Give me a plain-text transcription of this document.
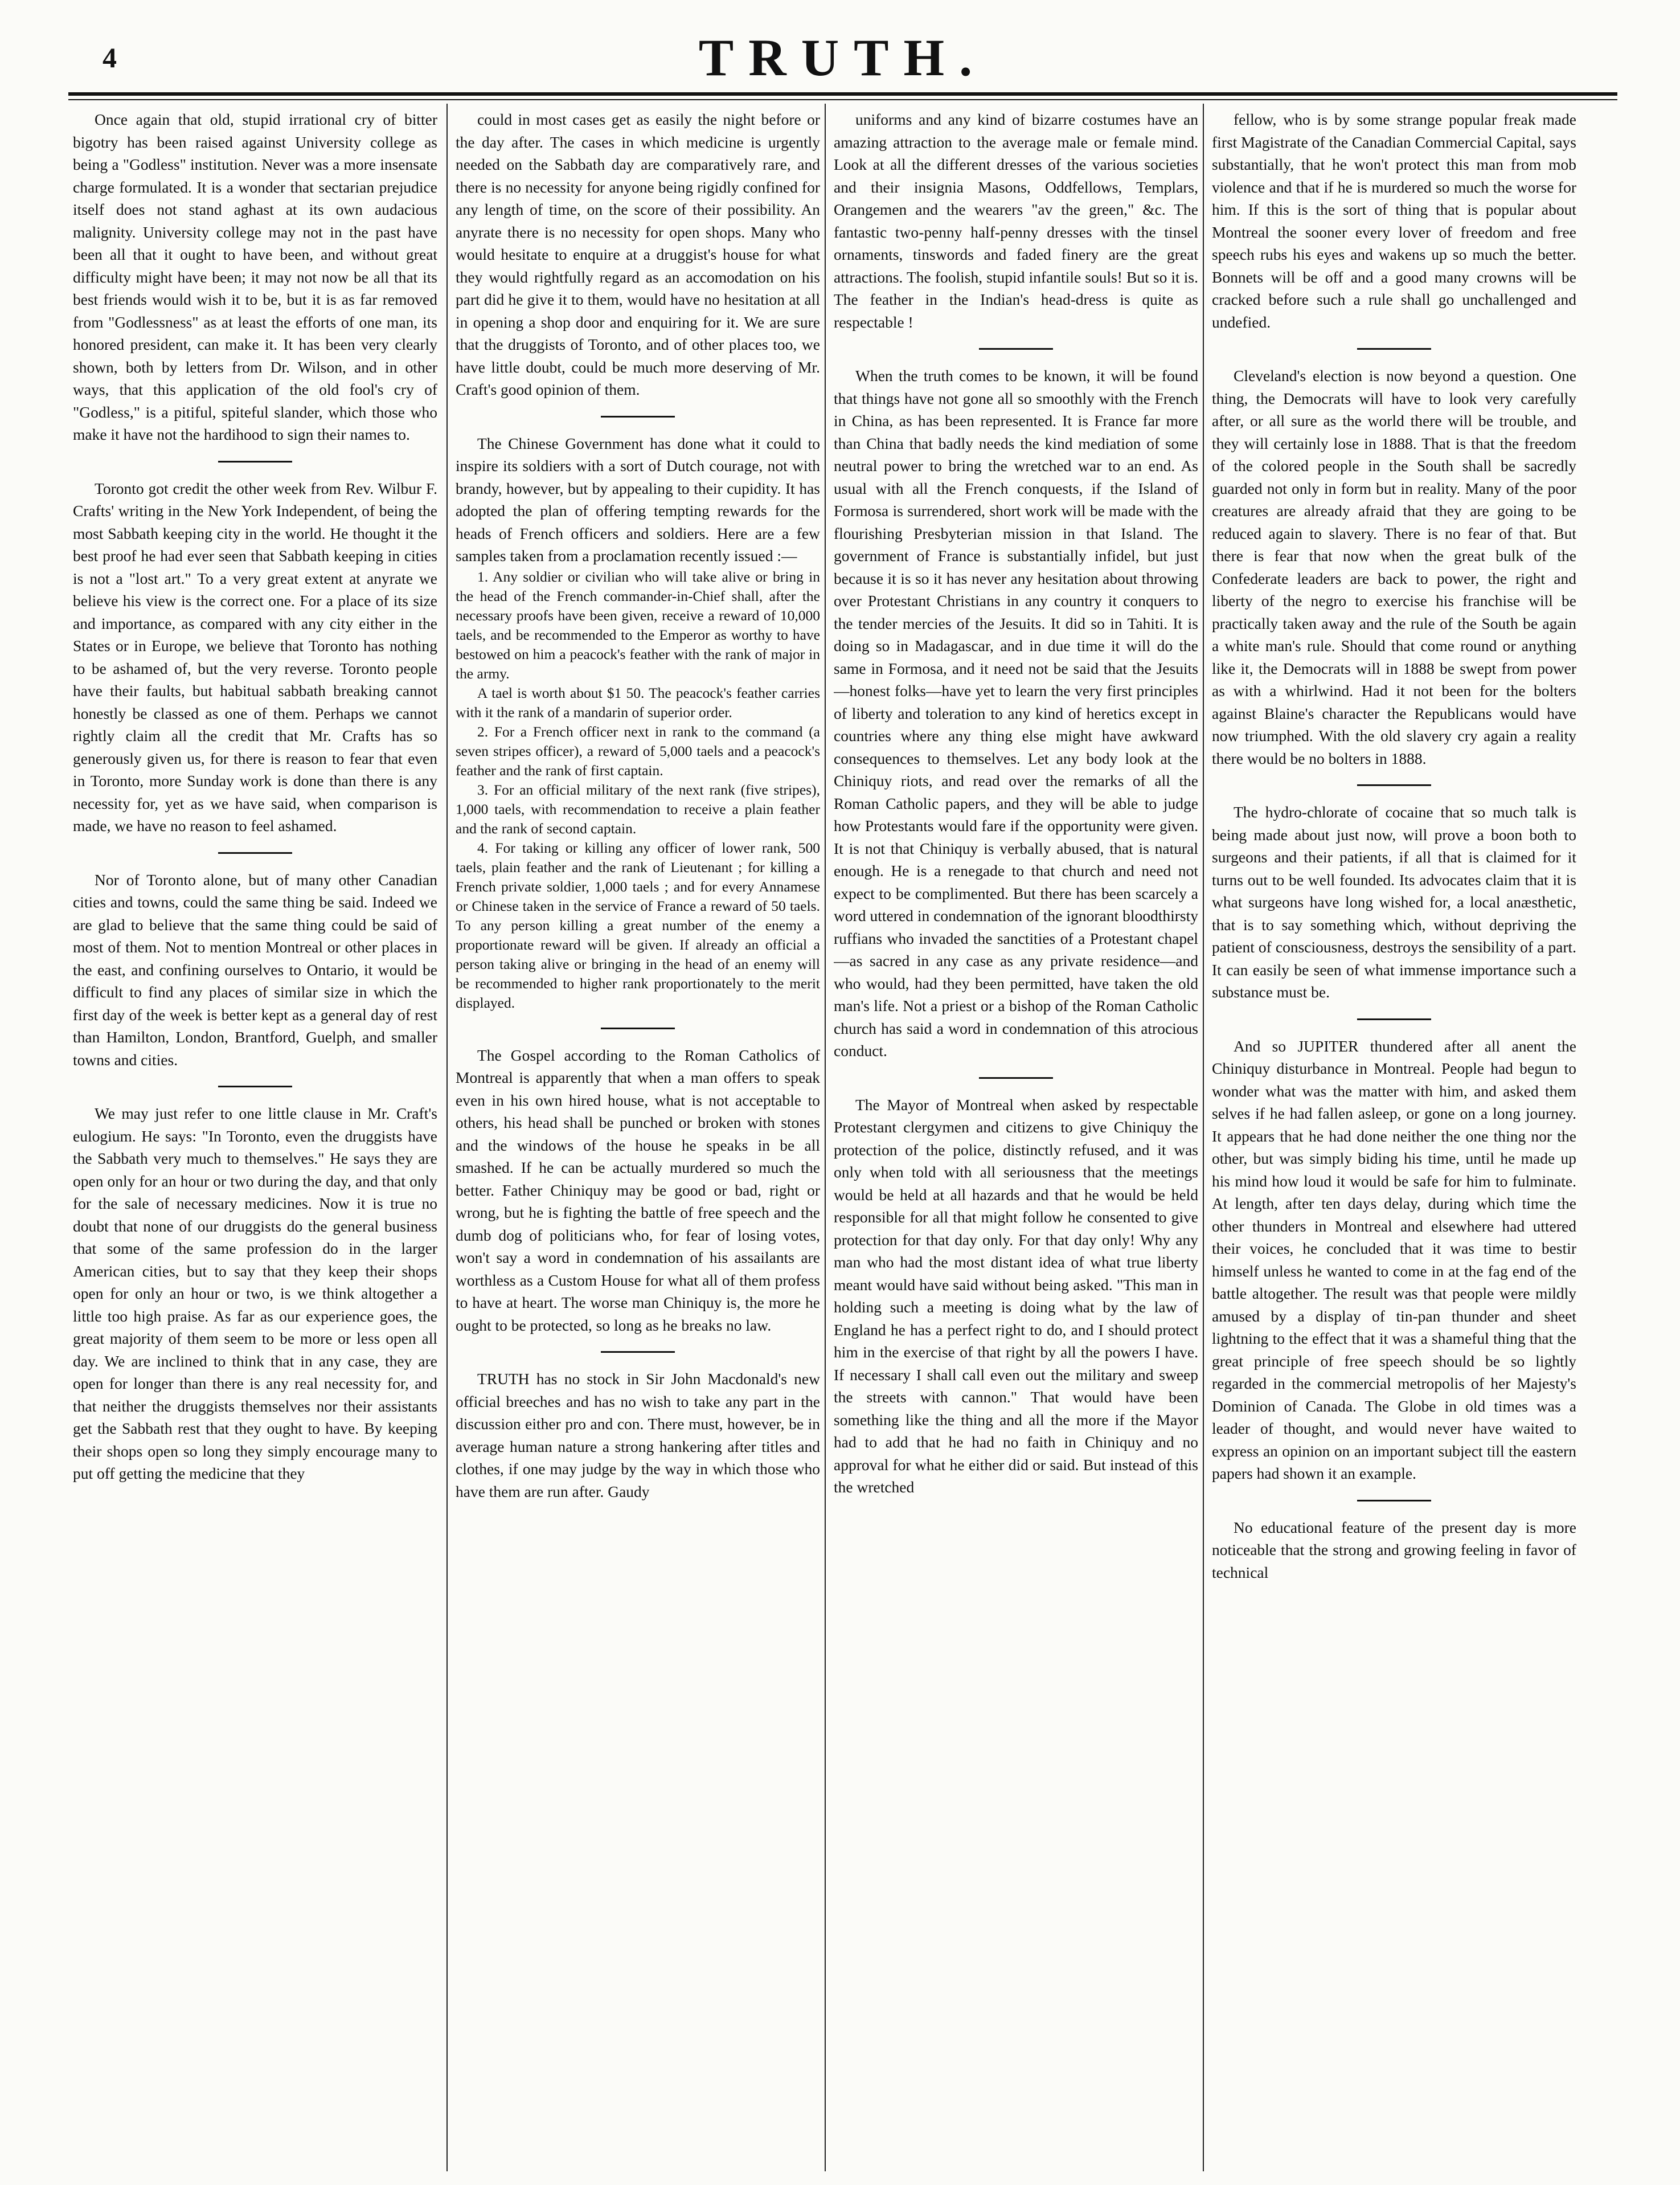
4	TRUTH.

Once again that old, stupid irrational cry of bitter bigotry has been raised against University college as being a "Godless" institution. Never was a more insensate charge formulated. It is a wonder that sectarian prejudice itself does not stand aghast at its own audacious malignity. University college may not in the past have been all that it ought to have been, and without great difficulty might have been; it may not now be all that its best friends would wish it to be, but it is as far removed from "Godlessness" as at least the efforts of one man, its honored president, can make it. It has been very clearly shown, both by letters from Dr. Wilson, and in other ways, that this application of the old fool's cry of "Godless," is a pitiful, spiteful slander, which those who make it have not the hardihood to sign their names to.

Toronto got credit the other week from Rev. Wilbur F. Crafts' writing in the New York Independent, of being the most Sabbath keeping city in the world. He thought it the best proof he had ever seen that Sabbath keeping in cities is not a "lost art." To a very great extent at anyrate we believe his view is the correct one. For a place of its size and importance, as compared with any city either in the States or in Europe, we believe that Toronto has nothing to be ashamed of, but the very reverse. Toronto people have their faults, but habitual sabbath breaking cannot honestly be classed as one of them. Perhaps we cannot rightly claim all the credit that Mr. Crafts has so generously given us, for there is reason to fear that even in Toronto, more Sunday work is done than there is any necessity for, yet as we have said, when comparison is made, we have no reason to feel ashamed.

Nor of Toronto alone, but of many other Canadian cities and towns, could the same thing be said. Indeed we are glad to believe that the same thing could be said of most of them. Not to mention Montreal or other places in the east, and confining ourselves to Ontario, it would be difficult to find any places of similar size in which the first day of the week is better kept as a general day of rest than Hamilton, London, Brantford, Guelph, and smaller towns and cities.

We may just refer to one little clause in Mr. Craft's eulogium. He says: "In Toronto, even the druggists have the Sabbath very much to themselves." He says they are open only for an hour or two during the day, and that only for the sale of necessary medicines. Now it is true no doubt that none of our druggists do the general business that some of the same profession do in the larger American cities, but to say that they keep their shops open for only an hour or two, is we think altogether a little too high praise. As far as our experience goes, the great majority of them seem to be more or less open all day. We are inclined to think that in any case, they are open for longer than there is any real necessity for, and that neither the druggists themselves nor their assistants get the Sabbath rest that they ought to have. By keeping their shops open so long they simply encourage many to put off getting the medicine that they

could in most cases get as easily the night before or the day after. The cases in which medicine is urgently needed on the Sabbath day are comparatively rare, and there is no necessity for anyone being rigidly confined for any length of time, on the score of their possibility. An anyrate there is no necessity for open shops. Many who would hesitate to enquire at a druggist's house for what they would rightfully regard as an accomodation on his part did he give it to them, would have no hesitation at all in opening a shop door and enquiring for it. We are sure that the druggists of Toronto, and of other places too, we have little doubt, could be much more deserving of Mr. Craft's good opinion of them.

The Chinese Government has done what it could to inspire its soldiers with a sort of Dutch courage, not with brandy, however, but by appealing to their cupidity. It has adopted the plan of offering tempting rewards for the heads of French officers and soldiers. Here are a few samples taken from a proclamation recently issued :—

1. Any soldier or civilian who will take alive or bring in the head of the French commander-in-Chief shall, after the necessary proofs have been given, receive a reward of 10,000 taels, and be recommended to the Emperor as worthy to have bestowed on him a peacock's feather with the rank of major in the army.
A tael is worth about $1 50. The peacock's feather carries with it the rank of a mandarin of superior order.
2. For a French officer next in rank to the command (a seven stripes officer), a reward of 5,000 taels and a peacock's feather and the rank of first captain.
3. For an official military of the next rank (five stripes), 1,000 taels, with recommendation to receive a plain feather and the rank of second captain.
4. For taking or killing any officer of lower rank, 500 taels, plain feather and the rank of Lieutenant ; for killing a French private soldier, 1,000 taels ; and for every Annamese or Chinese taken in the service of France a reward of 50 taels. To any person killing a great number of the enemy a proportionate reward will be given. If already an official a person taking alive or bringing in the head of an enemy will be recommended to higher rank proportionately to the merit displayed.

The Gospel according to the Roman Catholics of Montreal is apparently that when a man offers to speak even in his own hired house, what is not acceptable to others, his head shall be punched or broken with stones and the windows of the house he speaks in be all smashed. If he can be actually murdered so much the better. Father Chiniquy may be good or bad, right or wrong, but he is fighting the battle of free speech and the dumb dog of politicians who, for fear of losing votes, won't say a word in condemnation of his assailants are worthless as a Custom House for what all of them profess to have at heart. The worse man Chiniquy is, the more he ought to be protected, so long as he breaks no law.

TRUTH has no stock in Sir John Macdonald's new official breeches and has no wish to take any part in the discussion either pro and con. There must, however, be in average human nature a strong hankering after titles and clothes, if one may judge by the way in which those who have them are run after. Gaudy

uniforms and any kind of bizarre costumes have an amazing attraction to the average male or female mind. Look at all the different dresses of the various societies and their insignia Masons, Oddfellows, Templars, Orangemen and the wearers "av the green," &c. The fantastic two-penny half-penny dresses with the tinsel ornaments, tinswords and faded finery are the great attractions. The foolish, stupid infantile souls! But so it is. The feather in the Indian's head-dress is quite as respectable !

When the truth comes to be known, it will be found that things have not gone all so smoothly with the French in China, as has been represented. It is France far more than China that badly needs the kind mediation of some neutral power to bring the wretched war to an end. As usual with all the French conquests, if the Island of Formosa is surrendered, short work will be made with the flourishing Presbyterian mission in that Island. The government of France is substantially infidel, but just because it is so it has never any hesitation about throwing over Protestant Christians in any country it conquers to the tender mercies of the Jesuits. It did so in Tahiti. It is doing so in Madagascar, and in due time it will do the same in Formosa, and it need not be said that the Jesuits—honest folks—have yet to learn the very first principles of liberty and toleration to any kind of heretics except in countries where any thing else might have awkward consequences to themselves. Let any body look at the Chiniquy riots, and read over the remarks of all the Roman Catholic papers, and they will be able to judge how Protestants would fare if the opportunity were given. It is not that Chiniquy is verbally abused, that is natural enough. He is a renegade to that church and need not expect to be complimented. But there has been scarcely a word uttered in condemnation of the ignorant bloodthirsty ruffians who invaded the sanctities of a Protestant chapel—as sacred in any case as any private residence—and who would, had they been permitted, have taken the old man's life. Not a priest or a bishop of the Roman Catholic church has said a word in condemnation of this atrocious conduct.

The Mayor of Montreal when asked by respectable Protestant clergymen and citizens to give Chiniquy the protection of the police, distinctly refused, and it was only when told with all seriousness that the meetings would be held at all hazards and that he would be held responsible for all that might follow he consented to give protection for that day only. For that day only! Why any man who had the most distant idea of what true liberty meant would have said without being asked. "This man in holding such a meeting is doing what by the law of England he has a perfect right to do, and I should protect him in the exercise of that right by all the powers I have. If necessary I shall call even out the military and sweep the streets with cannon." That would have been something like the thing and all the more if the Mayor had to add that he had no faith in Chiniquy and no approval for what he either did or said. But instead of this the wretched

fellow, who is by some strange popular freak made first Magistrate of the Canadian Commercial Capital, says substantially, that he won't protect this man from mob violence and that if he is murdered so much the worse for him. If this is the sort of thing that is popular about Montreal the sooner every lover of freedom and free speech rubs his eyes and wakens up so much the better. Bonnets will be off and a good many crowns will be cracked before such a rule shall go unchallenged and undefied.

Cleveland's election is now beyond a question. One thing, the Democrats will have to look very carefully after, or all sure as the world there will be trouble, and they will certainly lose in 1888. That is that the freedom of the colored people in the South shall be sacredly guarded not only in form but in reality. Many of the poor creatures are already afraid that they are going to be reduced again to slavery. There is no fear of that. But there is fear that now when the great bulk of the Confederate leaders are back to power, the right and liberty of the negro to exercise his franchise will be practically taken away and the rule of the South be again a white man's rule. Should that come round or anything like it, the Democrats will in 1888 be swept from power as with a whirlwind. Had it not been for the bolters against Blaine's character the Republicans would have now triumphed. With the old slavery cry again a reality there would be no bolters in 1888.

The hydro-chlorate of cocaine that so much talk is being made about just now, will prove a boon both to surgeons and their patients, if all that is claimed for it turns out to be well founded. Its advocates claim that it is what surgeons have long wished for, a local anæsthetic, that is to say something which, without depriving the patient of consciousness, destroys the sensibility of a part. It can easily be seen of what immense importance such a substance must be.

And so JUPITER thundered after all anent the Chiniquy disturbance in Montreal. People had begun to wonder what was the matter with him, and asked them selves if he had fallen asleep, or gone on a long journey. It appears that he had done neither the one thing nor the other, but was simply biding his time, until he made up his mind how loud it would be safe for him to fulminate. At length, after ten days delay, during which time the other thunders in Montreal and elsewhere had uttered their voices, he concluded that it was time to bestir himself unless he wanted to come in at the fag end of the battle altogether. The result was that people were mildly amused by a display of tin-pan thunder and sheet lightning to the effect that it was a shameful thing that the great principle of free speech should be so lightly regarded in the commercial metropolis of her Majesty's Dominion of Canada. The Globe in old times was a leader of thought, and would never have waited to express an opinion on an important subject till the eastern papers had shown it an example.

No educational feature of the present day is more noticeable that the strong and growing feeling in favor of technical
